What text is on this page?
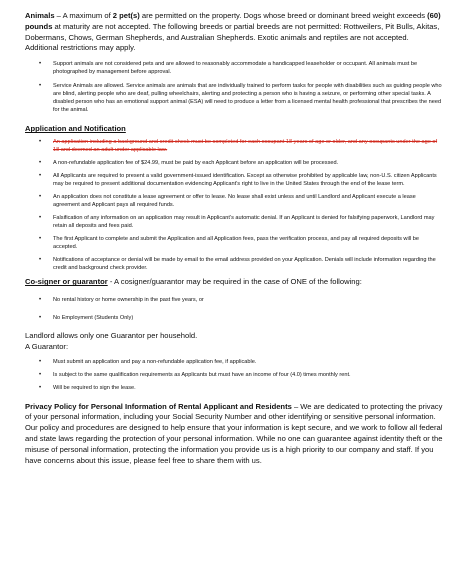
Animals – A maximum of 2 pet(s) are permitted on the property. Dogs whose breed or dominant breed weight exceeds (60) pounds at maturity are not accepted. The following breeds or partial breeds are not permitted: Rottweilers, Pit Bulls, Akitas, Dobermans, Chows, German Shepherds, and Australian Shepherds. Exotic animals and reptiles are not accepted. Additional restrictions may apply.

• Support animals are not considered pets and are allowed to reasonably accommodate a handicapped leaseholder or occupant. All animals must be photographed by management before approval.
• Service Animals are allowed. Service animals are animals that are individually trained to perform tasks for people with disabilities such as guiding people who are blind, alerting people who are deaf, pulling wheelchairs, alerting and protecting a person who is having a seizure, or performing other special tasks. A disabled person who has an emotional support animal (ESA) will need to produce a letter from a licensed mental health professional that prescribes the need for the animal.

Application and Notification

• An application including a background and credit check must be completed for each occupant 18 years of age or older, and any occupants under the age of 18 and deemed an adult under applicable law.
• A non-refundable application fee of $24.99, must be paid by each Applicant before an application will be processed.
• All Applicants are required to present a valid government-issued identification. Except as otherwise prohibited by applicable law, non-U.S. citizen Applicants may be required to present additional documentation evidencing Applicant’s right to live in the United States through the end of the lease term.
• An application does not constitute a lease agreement or offer to lease. No lease shall exist unless and until Landlord and Applicant execute a lease agreement and Applicant pays all required funds.
• Falsification of any information on an application may result in Applicant’s automatic denial. If an Applicant is denied for falsifying paperwork, Landlord may retain all deposits and fees paid.
• The first Applicant to complete and submit the Application and all Application fees, pass the verification process, and pay all required deposits will be accepted.
• Notifications of acceptance or denial will be made by email to the email address provided on your Application. Denials will include information regarding the credit and background check provider.

Co-signer or guarantor - A cosigner/guarantor may be required in the case of ONE of the following:

• No rental history or home ownership in the past five years, or
• No Employment (Students Only)

Landlord allows only one Guarantor per household.

A Guarantor:

• Must submit an application and pay a non-refundable application fee, if applicable.
• Is subject to the same qualification requirements as Applicants but must have an income of four (4.0) times monthly rent.
• Will be required to sign the lease.

Privacy Policy for Personal Information of Rental Applicant and Residents – We are dedicated to protecting the privacy of your personal information, including your Social Security Number and other identifying or sensitive personal information. Our policy and procedures are designed to help ensure that your information is kept secure, and we work to follow all federal and state laws regarding the protection of your personal information. While no one can guarantee against identity theft or the misuse of personal information, protecting the information you provide us is a high priority to our company and staff. If you have concerns about this issue, please feel free to share them with us.
